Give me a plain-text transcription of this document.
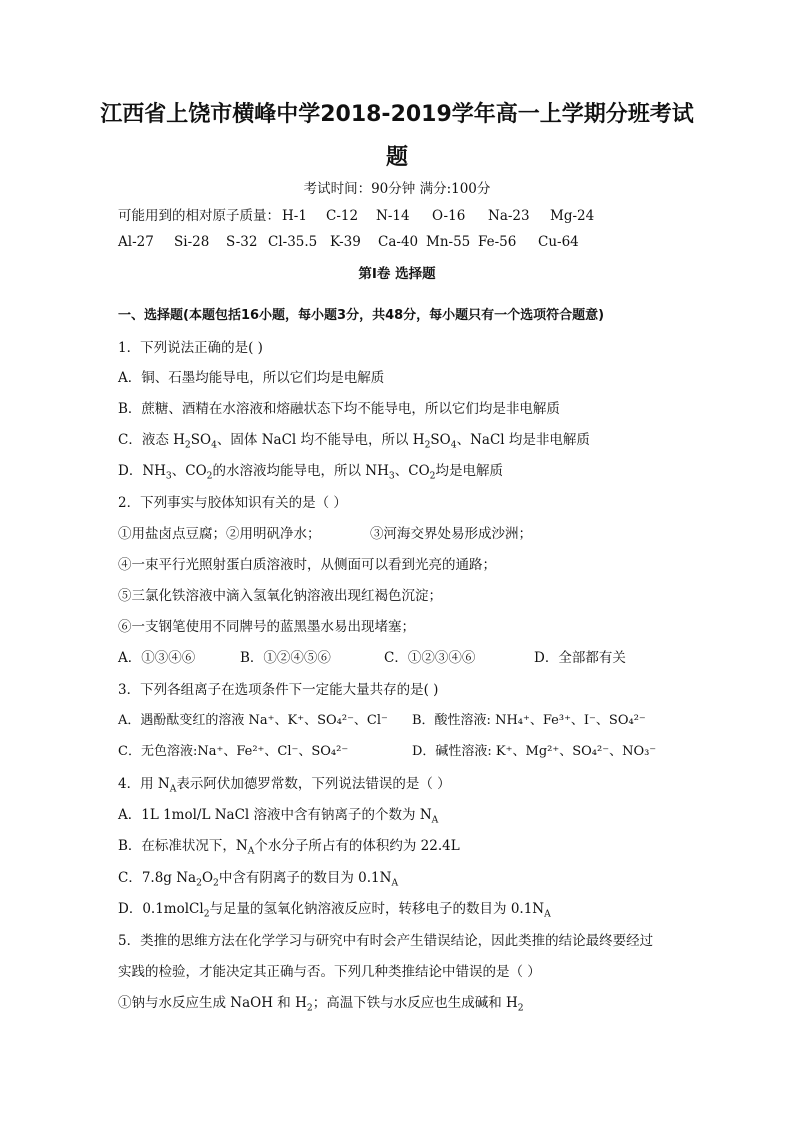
江西省上饶市横峰中学2018-2019学年高一上学期分班考试
题
考试时间：90分钟 满分:100分
可能用到的相对原子质量： H-1 C-12 N-14 O-16 Na-23 Mg-24
Al-27 Si-28 S-32 Cl-35.5 K-39 Ca-40 Mn-55 Fe-56 Cu-64
第Ⅰ卷 选择题
一、选择题(本题包括16小题，每小题3分，共48分，每小题只有一个选项符合题意)
1．下列说法正确的是( )
A．铜、石墨均能导电，所以它们均是电解质
B．蔗糖、酒精在水溶液和熔融状态下均不能导电，所以它们均是非电解质
C．液态 $H_2SO_4$、固体 NaCl 均不能导电，所以 $H_2SO_4$、NaCl 均是非电解质
D．$NH_3$、$CO_2$的水溶液均能导电，所以 $NH_3$、$CO_2$均是电解质
2．下列事实与胶体知识有关的是（ ）
①用盐卤点豆腐；②用明矾净水；	③河海交界处易形成沙洲；
④一束平行光照射蛋白质溶液时，从侧面可以看到光亮的通路；
⑤三氯化铁溶液中滴入氢氧化钠溶液出现红褐色沉淀；
⑥一支钢笔使用不同牌号的蓝黑墨水易出现堵塞；
A．①③④⑥	B．①②④⑤⑥	C．①②③④⑥	D．全部都有关
3．下列各组离子在选项条件下一定能大量共存的是( )
A．遇酚酞变红的溶液 Na⁺、K⁺、SO₄²⁻、Cl⁻ B．酸性溶液: NH₄⁺、Fe³⁺、I⁻、SO₄²⁻
C．无色溶液:Na⁺、Fe²⁺、Cl⁻、SO₄²⁻	D．碱性溶液: K⁺、Mg²⁺、SO₄²⁻、NO₃⁻
4．用 $N_A$表示阿伏加德罗常数，下列说法错误的是（ ）
A．1L 1mol/L NaCl 溶液中含有钠离子的个数为 $N_A$
B．在标准状况下，$N_A$个水分子所占有的体积约为 22.4L
C．7.8g $Na_2O_2$中含有阴离子的数目为 $0.1N_A$
D．0.1molCl$_2$与足量的氢氧化钠溶液反应时，转移电子的数目为 $0.1N_A$
5．类推的思维方法在化学学习与研究中有时会产生错误结论，因此类推的结论最终要经过
实践的检验，才能决定其正确与否。下列几种类推结论中错误的是（ ）
①钠与水反应生成 NaOH 和 $H_2$；高温下铁与水反应也生成碱和 $H_2$
